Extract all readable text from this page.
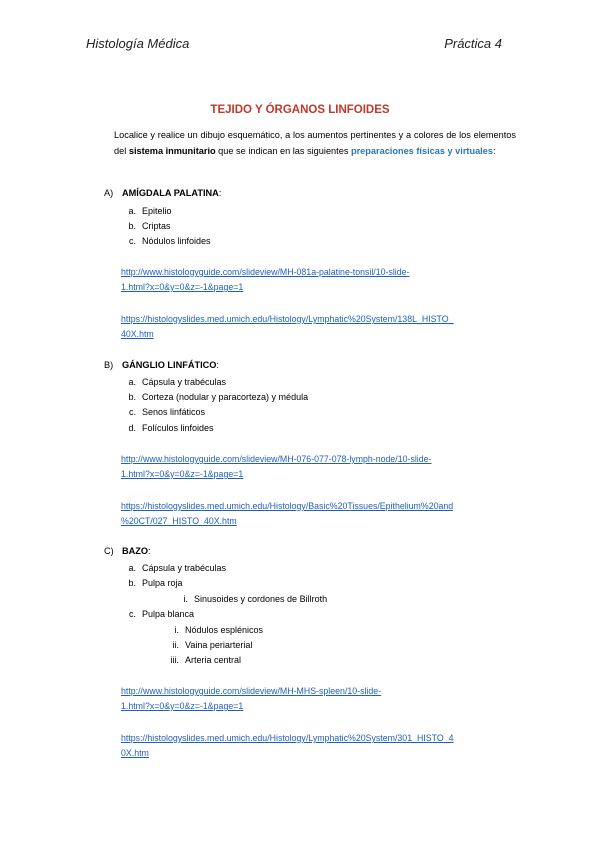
Histología Médica	Práctica 4
TEJIDO Y ÓRGANOS LINFOIDES
Localice y realice un dibujo esquemático, a los aumentos pertinentes y a colores de los elementos del sistema inmunitario que se indican en las siguientes preparaciones físicas y virtuales:
A) AMÍGDALA PALATINA:
a. Epitelio
b. Criptas
c. Nódulos linfoides
http://www.histologyguide.com/slideview/MH-081a-palatine-tonsil/10-slide-
1.html?x=0&y=0&z=-1&page=1
https://histologyslides.med.umich.edu/Histology/Lymphatic%20System/138L_HISTO_
40X.htm
B) GÁNGLIO LINFÁTICO:
a. Cápsula y trabéculas
b. Corteza (nodular y paracorteza) y médula
c. Senos linfáticos
d. Folículos linfoides
http://www.histologyguide.com/slideview/MH-076-077-078-lymph-node/10-slide-
1.html?x=0&y=0&z=-1&page=1
https://histologyslides.med.umich.edu/Histology/Basic%20Tissues/Epithelium%20and
%20CT/027_HISTO_40X.htm
C) BAZO:
a. Cápsula y trabéculas
b. Pulpa roja
i. Sinusoides y cordones de Billroth
c. Pulpa blanca
i. Nódulos esplénicos
ii. Vaina periarterial
iii. Arteria central
http://www.histologyguide.com/slideview/MH-MHS-spleen/10-slide-
1.html?x=0&y=0&z=-1&page=1
https://histologyslides.med.umich.edu/Histology/Lymphatic%20System/301_HISTO_4
0X.htm
